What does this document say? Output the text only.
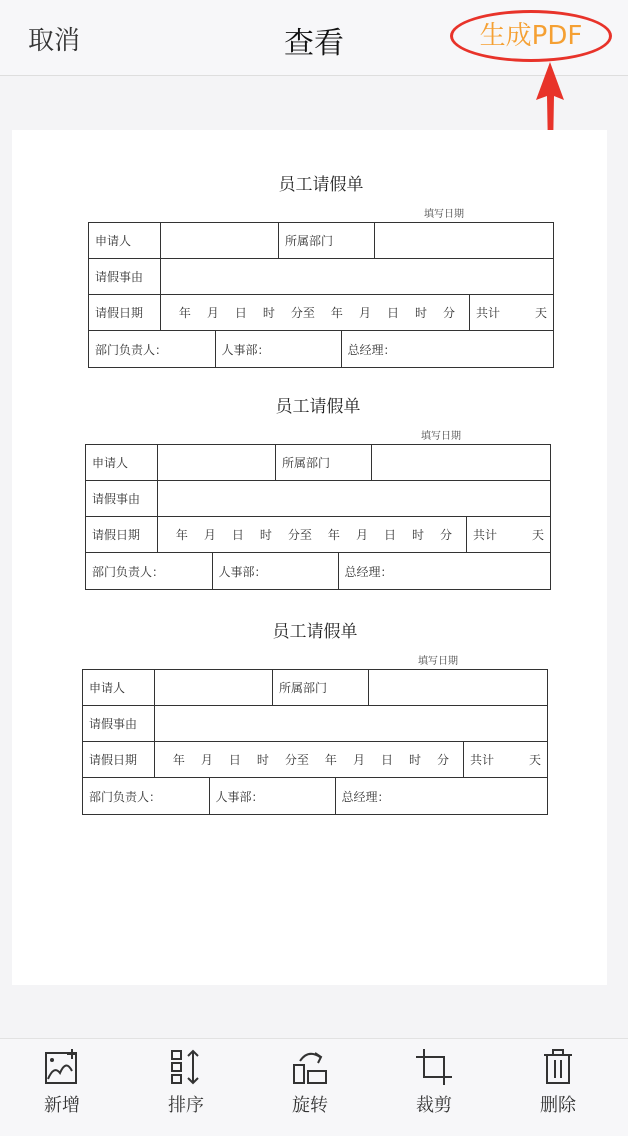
取消	查看	生成PDF
员工请假单
填写日期
申请人		所属部门	
请假事由	
请假日期	年 月 日 时 分至 年 月 日 时 分	共计	天

部门负责人：	人事部：	总经理：
员工请假单
填写日期
申请人		所属部门	
请假事由	
请假日期	年 月 日 时 分至 年 月 日 时 分	共计	天

部门负责人：	人事部：	总经理：
员工请假单
填写日期
申请人		所属部门	
请假事由	
请假日期	年 月 日 时 分至 年 月 日 时 分	共计	天

部门负责人：	人事部：	总经理：
新增	排序	旋转	裁剪	删除
